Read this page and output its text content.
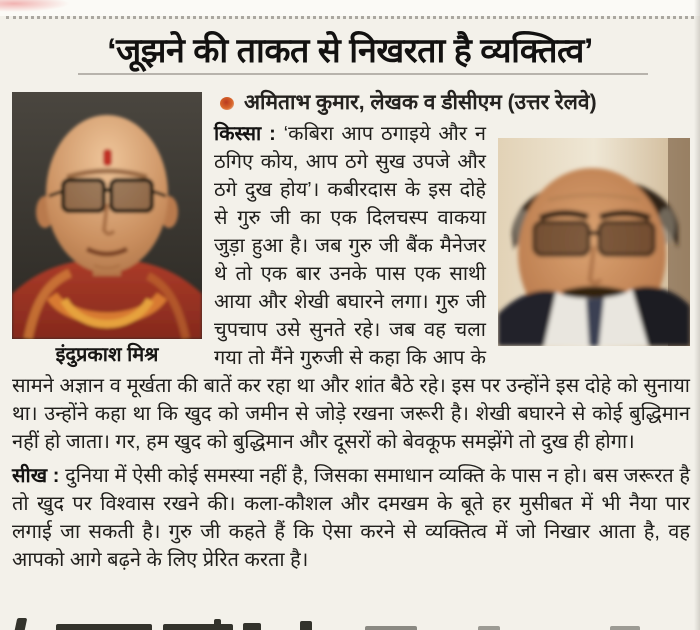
‘जूझने की ताकत से निखरता है व्यक्तित्व’
इंदुप्रकाश मिश्र
अमिताभ कुमार, लेखक व डीसीएम (उत्तर रेलवे)

किस्सा : ‘कबिरा आप ठगाइये और न ठगिए कोय, आप ठगे सुख उपजे और ठगे दुख होय’। कबीरदास के इस दोहे से गुरु जी का एक दिलचस्प वाकया जुड़ा हुआ है। जब गुरु जी बैंक मैनेजर थे तो एक बार उनके पास एक साथी आया और शेखी बघारने लगा। गुरु जी चुपचाप उसे सुनते रहे। जब वह चला गया तो मैंने गुरुजी से कहा कि आप के सामने अज्ञान व मूर्खता की बातें कर रहा था और शांत बैठे रहे। इस पर उन्होंने इस दोहे को सुनाया था। उन्होंने कहा था कि खुद को जमीन से जोड़े रखना जरूरी है। शेखी बघारने से कोई बुद्धिमान नहीं हो जाता। गर, हम खुद को बुद्धिमान और दूसरों को बेवकूफ समझेंगे तो दुख ही होगा।

सीख : दुनिया में ऐसी कोई समस्या नहीं है, जिसका समाधान व्यक्ति के पास न हो। बस जरूरत है तो खुद पर विश्वास रखने की। कला-कौशल और दमखम के बूते हर मुसीबत में भी नैया पार लगाई जा सकती है। गुरु जी कहते हैं कि ऐसा करने से व्यक्तित्व में जो निखार आता है, वह आपको आगे बढ़ने के लिए प्रेरित करता है।
